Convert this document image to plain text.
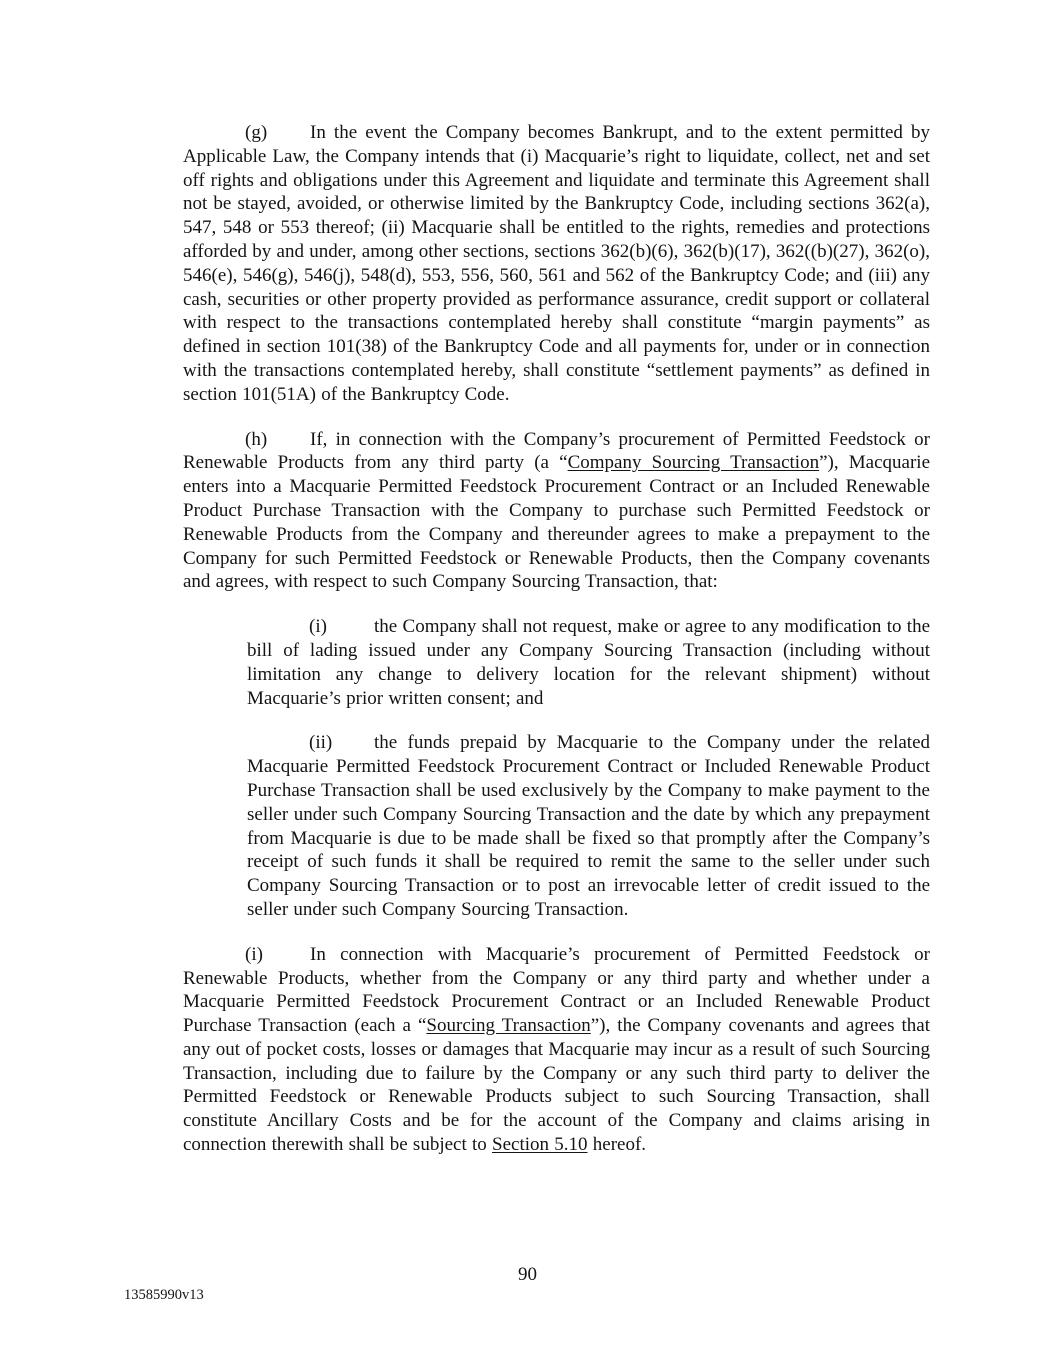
(g) In the event the Company becomes Bankrupt, and to the extent permitted by Applicable Law, the Company intends that (i) Macquarie’s right to liquidate, collect, net and set off rights and obligations under this Agreement and liquidate and terminate this Agreement shall not be stayed, avoided, or otherwise limited by the Bankruptcy Code, including sections 362(a), 547, 548 or 553 thereof; (ii) Macquarie shall be entitled to the rights, remedies and protections afforded by and under, among other sections, sections 362(b)(6), 362(b)(17), 362((b)(27), 362(o), 546(e), 546(g), 546(j), 548(d), 553, 556, 560, 561 and 562 of the Bankruptcy Code; and (iii) any cash, securities or other property provided as performance assurance, credit support or collateral with respect to the transactions contemplated hereby shall constitute “margin payments” as defined in section 101(38) of the Bankruptcy Code and all payments for, under or in connection with the transactions contemplated hereby, shall constitute “settlement payments” as defined in section 101(51A) of the Bankruptcy Code.

(h) If, in connection with the Company’s procurement of Permitted Feedstock or Renewable Products from any third party (a “Company Sourcing Transaction”), Macquarie enters into a Macquarie Permitted Feedstock Procurement Contract or an Included Renewable Product Purchase Transaction with the Company to purchase such Permitted Feedstock or Renewable Products from the Company and thereunder agrees to make a prepayment to the Company for such Permitted Feedstock or Renewable Products, then the Company covenants and agrees, with respect to such Company Sourcing Transaction, that:

(i) the Company shall not request, make or agree to any modification to the bill of lading issued under any Company Sourcing Transaction (including without limitation any change to delivery location for the relevant shipment) without Macquarie’s prior written consent; and

(ii) the funds prepaid by Macquarie to the Company under the related Macquarie Permitted Feedstock Procurement Contract or Included Renewable Product Purchase Transaction shall be used exclusively by the Company to make payment to the seller under such Company Sourcing Transaction and the date by which any prepayment from Macquarie is due to be made shall be fixed so that promptly after the Company’s receipt of such funds it shall be required to remit the same to the seller under such Company Sourcing Transaction or to post an irrevocable letter of credit issued to the seller under such Company Sourcing Transaction.

(i) In connection with Macquarie’s procurement of Permitted Feedstock or Renewable Products, whether from the Company or any third party and whether under a Macquarie Permitted Feedstock Procurement Contract or an Included Renewable Product Purchase Transaction (each a “Sourcing Transaction”), the Company covenants and agrees that any out of pocket costs, losses or damages that Macquarie may incur as a result of such Sourcing Transaction, including due to failure by the Company or any such third party to deliver the Permitted Feedstock or Renewable Products subject to such Sourcing Transaction, shall constitute Ancillary Costs and be for the account of the Company and claims arising in connection therewith shall be subject to Section 5.10 hereof.

90
13585990v13
